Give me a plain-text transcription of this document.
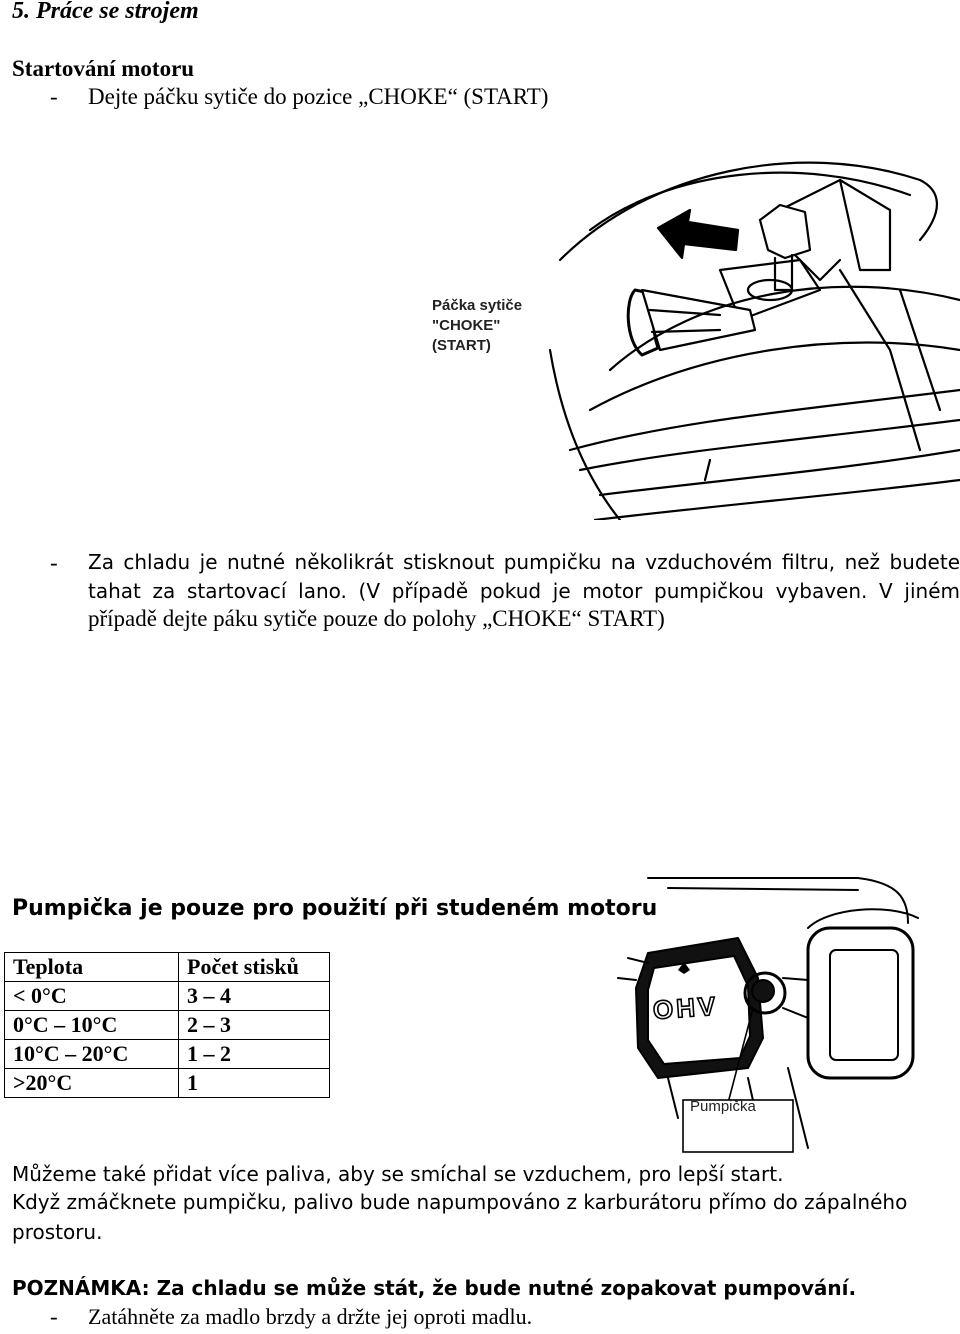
5. Práce se strojem
Startování motoru
- Dejte páčku sytiče do pozice „CHOKE“ (START)
Páčka sytiče
"CHOKE"
(START)
- Za chladu je nutné několikrát stisknout pumpičku na vzduchovém filtru, než budete
tahat za startovací lano. (V případě pokud je motor pumpičkou vybaven. V jiném
případě dejte páku sytiče pouze do polohy „CHOKE“ START)
Pumpička je pouze pro použití při studeném motoru
Teplota	Počet stisků
< 0°C	3 – 4
0°C – 10°C	2 – 3
10°C – 20°C	1 – 2
>20°C	1
OHV
Pumpička
Můžeme také přidat více paliva, aby se smíchal se vzduchem, pro lepší start.
Když zmáčknete pumpičku, palivo bude napumpováno z karburátoru přímo do zápalného
prostoru.
POZNÁMKA: Za chladu se může stát, že bude nutné zopakovat pumpování.
- Zatáhněte za madlo brzdy a držte jej oproti madlu.
